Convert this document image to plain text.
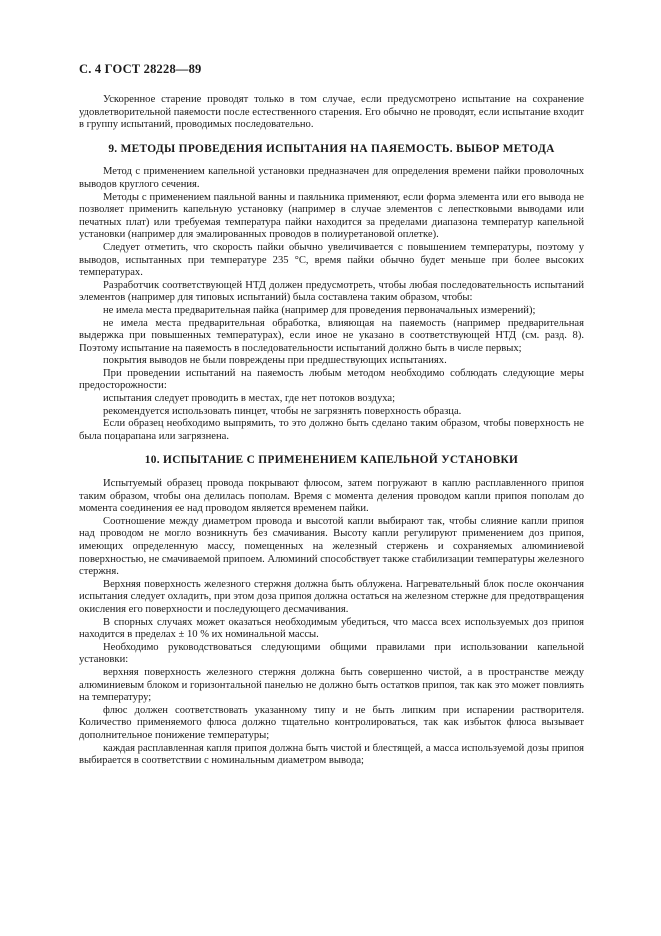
С. 4 ГОСТ 28228—89

Ускоренное старение проводят только в том случае, если предусмотрено испытание на сохранение удовлетворительной паяемости после естественного старения. Его обычно не проводят, если испытание входит в группу испытаний, проводимых последовательно.

9. МЕТОДЫ ПРОВЕДЕНИЯ ИСПЫТАНИЯ НА ПАЯЕМОСТЬ. ВЫБОР МЕТОДА

Метод с применением капельной установки предназначен для определения времени пайки проволочных выводов круглого сечения.

Методы с применением паяльной ванны и паяльника применяют, если форма элемента или его вывода не позволяет применить капельную установку (например в случае элементов с лепестковыми выводами или печатных плат) или требуемая температура пайки находится за пределами диапазона температур капельной установки (например для эмалированных проводов в полиуретановой оплетке).

Следует отметить, что скорость пайки обычно увеличивается с повышением температуры, поэтому у выводов, испытанных при температуре 235 °С, время пайки обычно будет меньше при более высоких температурах.

Разработчик соответствующей НТД должен предусмотреть, чтобы любая последовательность испытаний элементов (например для типовых испытаний) была составлена таким образом, чтобы:

не имела места предварительная пайка (например для проведения первоначальных измерений);

не имела места предварительная обработка, влияющая на паяемость (например предварительная выдержка при повышенных температурах), если иное не указано в соответствующей НТД (см. разд. 8). Поэтому испытание на паяемость в последовательности испытаний должно быть в числе первых;

покрытия выводов не были повреждены при предшествующих испытаниях.

При проведении испытаний на паяемость любым методом необходимо соблюдать следующие меры предосторожности:

испытания следует проводить в местах, где нет потоков воздуха;

рекомендуется использовать пинцет, чтобы не загрязнять поверхность образца.

Если образец необходимо выпрямить, то это должно быть сделано таким образом, чтобы поверхность не была поцарапана или загрязнена.

10. ИСПЫТАНИЕ С ПРИМЕНЕНИЕМ КАПЕЛЬНОЙ УСТАНОВКИ

Испытуемый образец провода покрывают флюсом, затем погружают в каплю расплавленного припоя таким образом, чтобы она делилась пополам. Время с момента деления проводом капли припоя пополам до момента соединения ее над проводом является временем пайки.

Соотношение между диаметром провода и высотой капли выбирают так, чтобы слияние капли припоя над проводом не могло возникнуть без смачивания. Высоту капли регулируют применением доз припоя, имеющих определенную массу, помещенных на железный стержень и сохраняемых алюминиевой поверхностью, не смачиваемой припоем. Алюминий способствует также стабилизации температуры железного стержня.

Верхняя поверхность железного стержня должна быть облужена. Нагревательный блок после окончания испытания следует охладить, при этом доза припоя должна остаться на железном стержне для предотвращения окисления его поверхности и последующего десмачивания.

В спорных случаях может оказаться необходимым убедиться, что масса всех используемых доз припоя находится в пределах ± 10 % их номинальной массы.

Необходимо руководствоваться следующими общими правилами при использовании капельной установки:

верхняя поверхность железного стержня должна быть совершенно чистой, а в пространстве между алюминиевым блоком и горизонтальной панелью не должно быть остатков припоя, так как это может повлиять на температуру;

флюс должен соответствовать указанному типу и не быть липким при испарении растворителя. Количество применяемого флюса должно тщательно контролироваться, так как избыток флюса вызывает дополнительное понижение температуры;

каждая расплавленная капля припоя должна быть чистой и блестящей, а масса используемой дозы припоя выбирается в соответствии с номинальным диаметром вывода;
